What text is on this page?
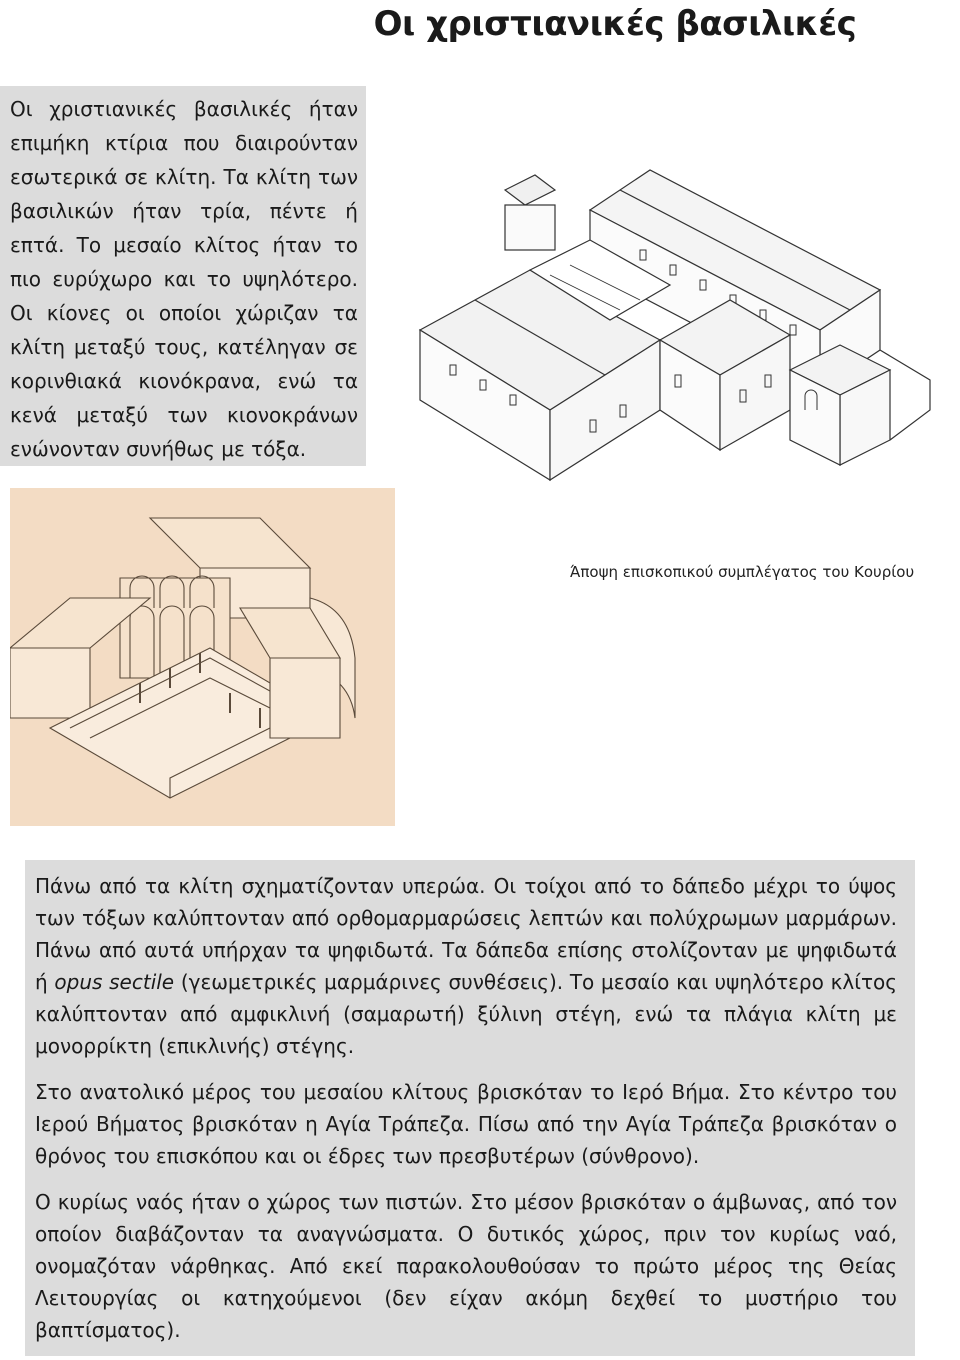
Οι χριστιανικές βασιλικές

Οι χριστιανικές βασιλικές ήταν επιμήκη κτίρια που διαιρούνταν εσωτερικά σε κλίτη. Τα κλίτη των βασιλικών ήταν τρία, πέντε ή επτά. Το μεσαίο κλίτος ήταν το πιο ευρύχωρο και το υψηλότερο. Οι κίονες οι οποίοι χώριζαν τα κλίτη μεταξύ τους, κατέληγαν σε κορινθιακά κιονόκρανα, ενώ τα κενά μεταξύ των κιονοκράνων ενώνονταν συνήθως με τόξα.

Άποψη επισκοπικού συμπλέγατος του Κουρίου

Πάνω από τα κλίτη σχηματίζονταν υπερώα. Οι τοίχοι από το δάπεδο μέχρι το ύψος των τόξων καλύπτονταν από ορθομαρμαρώσεις λεπτών και πολύχρωμων μαρμάρων. Πάνω από αυτά υπήρχαν τα ψηφιδωτά. Τα δάπεδα επίσης στολίζονταν με ψηφιδωτά ή opus sectile (γεωμετρικές μαρμάρινες συνθέσεις). Το μεσαίο και υψηλότερο κλίτος καλύπτονταν από αμφικλινή (σαμαρωτή) ξύλινη στέγη, ενώ τα πλάγια κλίτη με μονορρίκτη (επικλινής) στέγης.

Στο ανατολικό μέρος του μεσαίου κλίτους βρισκόταν το Ιερό Βήμα. Στο κέντρο του Ιερού Βήματος βρισκόταν η Αγία Τράπεζα. Πίσω από την Αγία Τράπεζα βρισκόταν ο θρόνος του επισκόπου και οι έδρες των πρεσβυτέρων (σύνθρονο).

Ο κυρίως ναός ήταν ο χώρος των πιστών. Στο μέσον βρισκόταν ο άμβωνας, από τον οποίον διαβάζονταν τα αναγνώσματα. Ο δυτικός χώρος, πριν τον κυρίως ναό, ονομαζόταν νάρθηκας. Από εκεί παρακολουθούσαν το πρώτο μέρος της Θείας Λειτουργίας οι κατηχούμενοι (δεν είχαν ακόμη δεχθεί το μυστήριο του βαπτίσματος).
